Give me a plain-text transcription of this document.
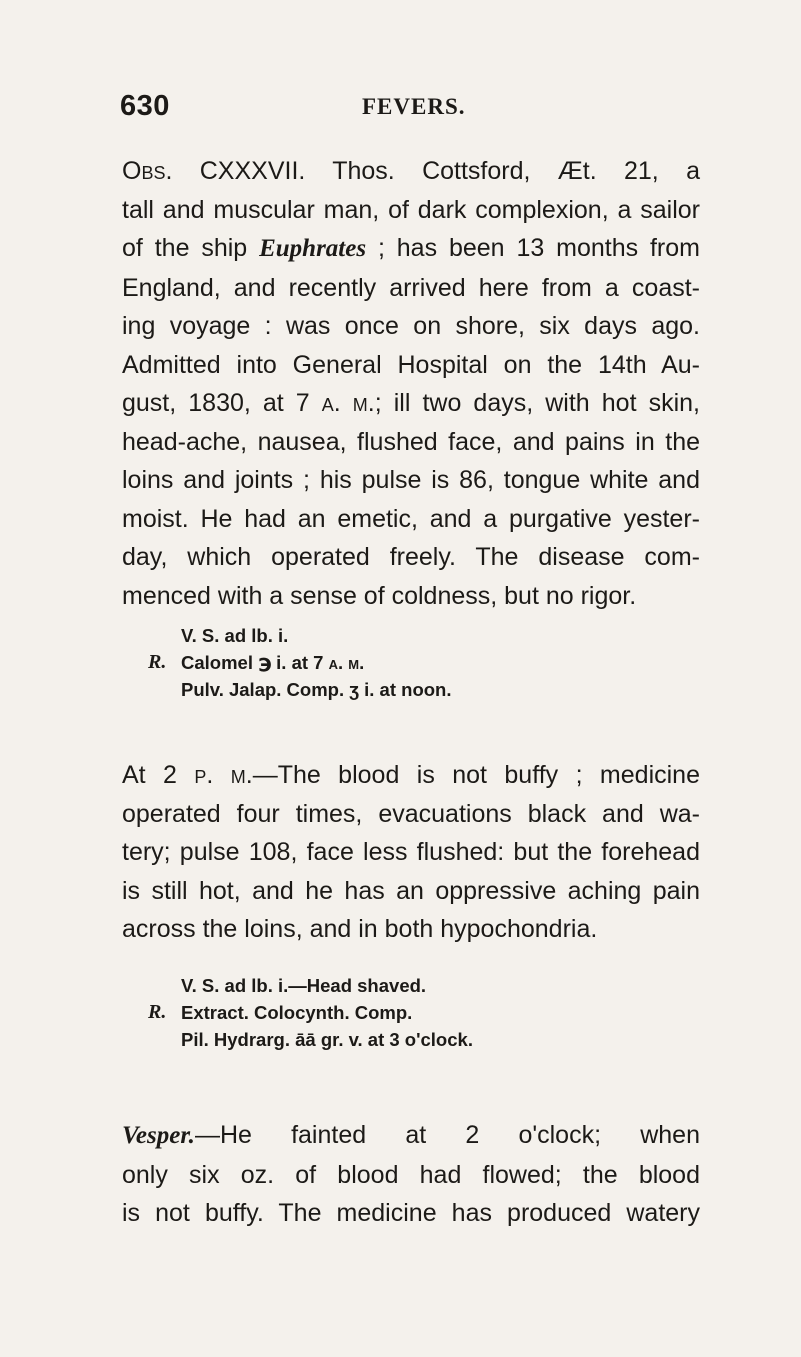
630	FEVERS.
Obs. CXXXVII. Thos. Cottsford, Æt. 21, a
tall and muscular man, of dark complexion, a sailor
of the ship Euphrates ; has been 13 months from
England, and recently arrived here from a coast-
ing voyage : was once on shore, six days ago.
Admitted into General Hospital on the 14th Au-
gust, 1830, at 7 a. m.; ill two days, with hot skin,
head-ache, nausea, flushed face, and pains in the
loins and joints ; his pulse is 86, tongue white and
moist. He had an emetic, and a purgative yester-
day, which operated freely. The disease com-
menced with a sense of coldness, but no rigor.
V. S. ad lb. i.
R. Calomel ℈ i. at 7 a. m.
Pulv. Jalap. Comp. ʒ i. at noon.
At 2 p. m.—The blood is not buffy ; medicine
operated four times, evacuations black and wa-
tery; pulse 108, face less flushed: but the forehead
is still hot, and he has an oppressive aching pain
across the loins, and in both hypochondria.
V. S. ad lb. i.—Head shaved.
R. Extract. Colocynth. Comp.
Pil. Hydrarg. āā gr. v. at 3 o'clock.
Vesper.—He fainted at 2 o'clock; when
only six oz. of blood had flowed; the blood
is not buffy. The medicine has produced watery
